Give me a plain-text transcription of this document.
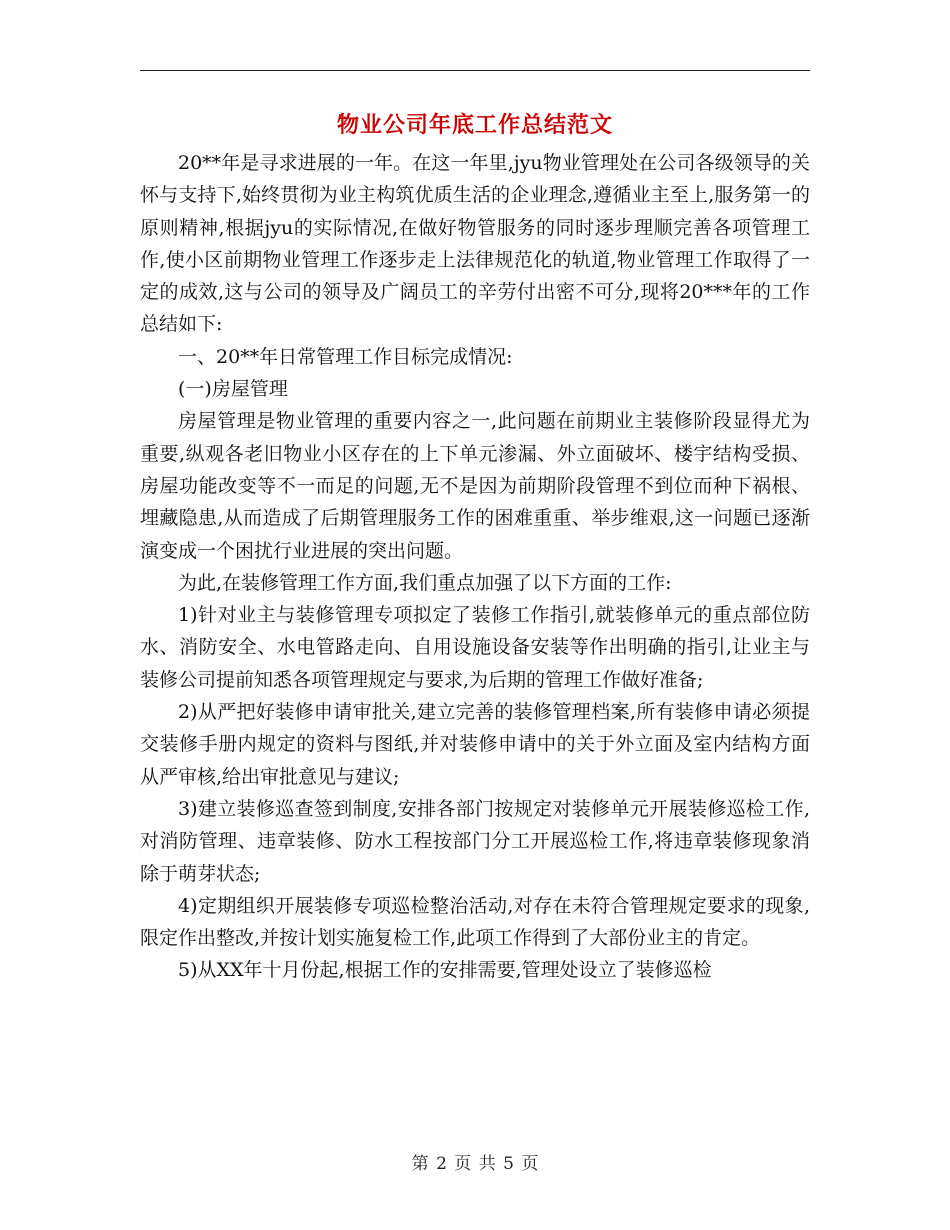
物业公司年底工作总结范文

20**年是寻求进展的一年。在这一年里,jyu物业管理处在公司各级领导的关怀与支持下,始终贯彻为业主构筑优质生活的企业理念,遵循业主至上,服务第一的原则精神,根据jyu的实际情况,在做好物管服务的同时逐步理顺完善各项管理工作,使小区前期物业管理工作逐步走上法律规范化的轨道,物业管理工作取得了一定的成效,这与公司的领导及广阔员工的辛劳付出密不可分,现将20***年的工作总结如下:

一、20**年日常管理工作目标完成情况:

(一)房屋管理

房屋管理是物业管理的重要内容之一,此问题在前期业主装修阶段显得尤为重要,纵观各老旧物业小区存在的上下单元渗漏、外立面破坏、楼宇结构受损、房屋功能改变等不一而足的问题,无不是因为前期阶段管理不到位而种下祸根、埋藏隐患,从而造成了后期管理服务工作的困难重重、举步维艰,这一问题已逐渐演变成一个困扰行业进展的突出问题。

为此,在装修管理工作方面,我们重点加强了以下方面的工作:

1)针对业主与装修管理专项拟定了装修工作指引,就装修单元的重点部位防水、消防安全、水电管路走向、自用设施设备安装等作出明确的指引,让业主与装修公司提前知悉各项管理规定与要求,为后期的管理工作做好准备;

2)从严把好装修申请审批关,建立完善的装修管理档案,所有装修申请必须提交装修手册内规定的资料与图纸,并对装修申请中的关于外立面及室内结构方面从严审核,给出审批意见与建议;

3)建立装修巡查签到制度,安排各部门按规定对装修单元开展装修巡检工作,对消防管理、违章装修、防水工程按部门分工开展巡检工作,将违章装修现象消除于萌芽状态;

4)定期组织开展装修专项巡检整治活动,对存在未符合管理规定要求的现象,限定作出整改,并按计划实施复检工作,此项工作得到了大部份业主的肯定。

5)从XX年十月份起,根据工作的安排需要,管理处设立了装修巡检

第 2 页 共 5 页
